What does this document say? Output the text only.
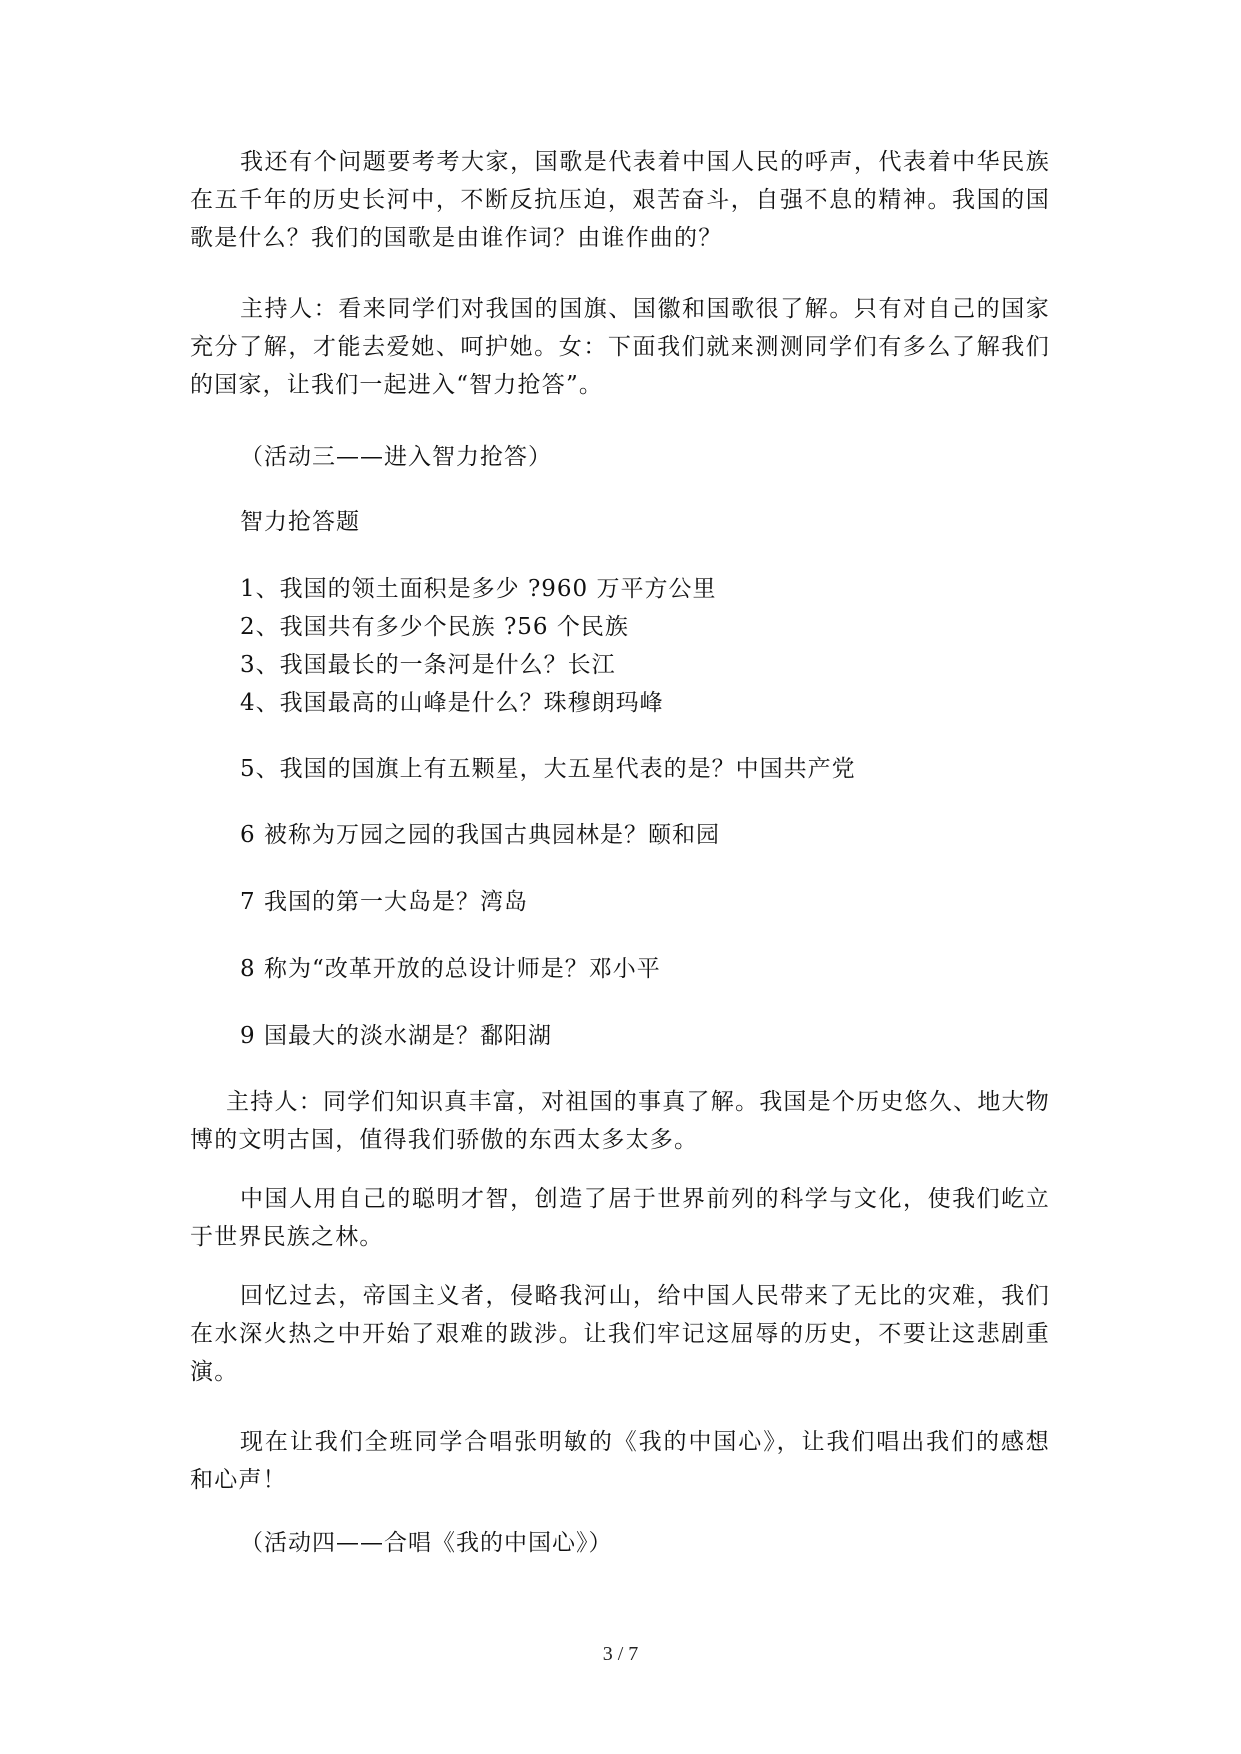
我还有个问题要考考大家，国歌是代表着中国人民的呼声，代表着中华民族在五千年的历史长河中，不断反抗压迫，艰苦奋斗，自强不息的精神。我国的国歌是什么？我们的国歌是由谁作词？由谁作曲的？

主持人：看来同学们对我国的国旗、国徽和国歌很了解。只有对自己的国家充分了解，才能去爱她、呵护她。女：下面我们就来测测同学们有多么了解我们的国家，让我们一起进入“智力抢答”。

（活动三——进入智力抢答）

智力抢答题

1、我国的领土面积是多少 ?960 万平方公里
2、我国共有多少个民族 ?56 个民族
3、我国最长的一条河是什么？长江
4、我国最高的山峰是什么？珠穆朗玛峰

5、我国的国旗上有五颗星，大五星代表的是？中国共产党

6 被称为万园之园的我国古典园林是？颐和园

7 我国的第一大岛是？湾岛

8 称为“改革开放的总设计师是？邓小平

9 国最大的淡水湖是？鄱阳湖

主持人：同学们知识真丰富，对祖国的事真了解。我国是个历史悠久、地大物博的文明古国，值得我们骄傲的东西太多太多。

中国人用自己的聪明才智，创造了居于世界前列的科学与文化，使我们屹立于世界民族之林。

回忆过去，帝国主义者，侵略我河山，给中国人民带来了无比的灾难，我们在水深火热之中开始了艰难的跋涉。让我们牢记这屈辱的历史，不要让这悲剧重演。

现在让我们全班同学合唱张明敏的《我的中国心》，让我们唱出我们的感想和心声！

（活动四——合唱《我的中国心》）

3 / 7
